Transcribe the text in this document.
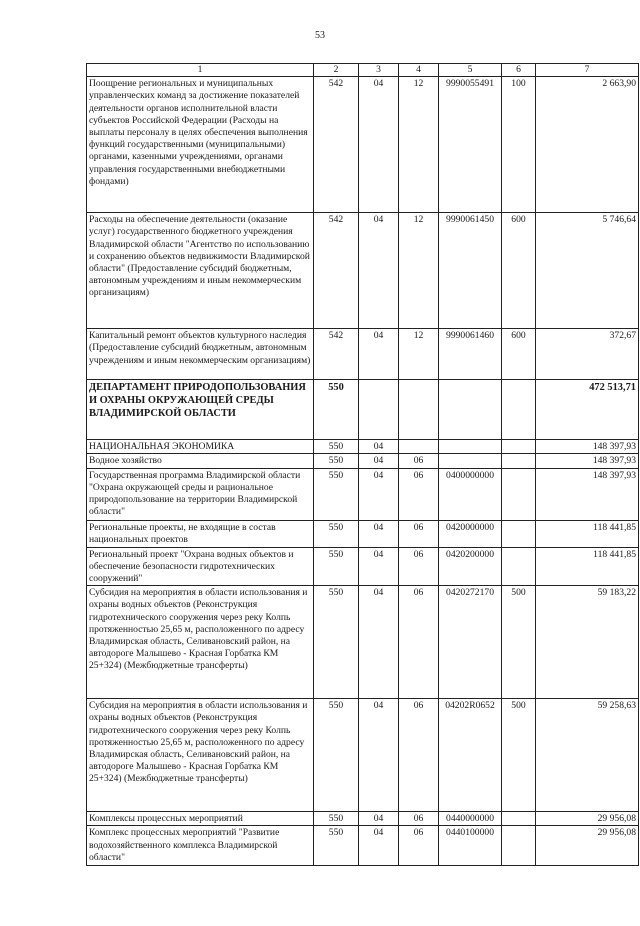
53
1	2	3	4	5	6	7
Поощрение региональных и муниципальных управленческих команд за достижение показателей деятельности органов исполнительной власти субъектов Российской Федерации (Расходы на выплаты персоналу в целях обеспечения выполнения функций государственными (муниципальными) органами, казенными учреждениями, органами управления государственными внебюджетными фондами)	542	04	12	9990055491	100	2 663,90
Расходы на обеспечение деятельности (оказание услуг) государственного бюджетного учреждения Владимирской области "Агентство по использованию и сохранению объектов недвижимости Владимирской области" (Предоставление субсидий бюджетным, автономным учреждениям и иным некоммерческим организациям)	542	04	12	9990061450	600	5 746,64
Капитальный ремонт объектов культурного наследия (Предоставление субсидий бюджетным, автономным учреждениям и иным некоммерческим организациям)	542	04	12	9990061460	600	372,67
ДЕПАРТАМЕНТ ПРИРОДОПОЛЬЗОВАНИЯ И ОХРАНЫ ОКРУЖАЮЩЕЙ СРЕДЫ ВЛАДИМИРСКОЙ ОБЛАСТИ	550					472 513,71
НАЦИОНАЛЬНАЯ ЭКОНОМИКА	550	04				148 397,93
Водное хозяйство	550	04	06			148 397,93
Государственная программа Владимирской области "Охрана окружающей среды и рациональное природопользование на территории Владимирской области"	550	04	06	0400000000		148 397,93
Региональные проекты, не входящие в состав национальных проектов	550	04	06	0420000000		118 441,85
Региональный проект "Охрана водных объектов и обеспечение безопасности гидротехнических сооружений"	550	04	06	0420200000		118 441,85
Субсидия на мероприятия в области использования и охраны водных объектов (Реконструкция гидротехнического сооружения через реку Колпь протяженностью 25,65 м, расположенного по адресу Владимирская область, Селивановский район, на автодороге Малышево - Красная Горбатка КМ 25+324) (Межбюджетные трансферты)	550	04	06	0420272170	500	59 183,22
Субсидия на мероприятия в области использования и охраны водных объектов (Реконструкция гидротехнического сооружения через реку Колпь протяженностью 25,65 м, расположенного по адресу Владимирская область, Селивановский район, на автодороге Малышево - Красная Горбатка КМ 25+324) (Межбюджетные трансферты)	550	04	06	04202R0652	500	59 258,63
Комплексы процессных мероприятий	550	04	06	0440000000		29 956,08
Комплекс процессных мероприятий "Развитие водохозяйственного комплекса Владимирской области"	550	04	06	0440100000		29 956,08
